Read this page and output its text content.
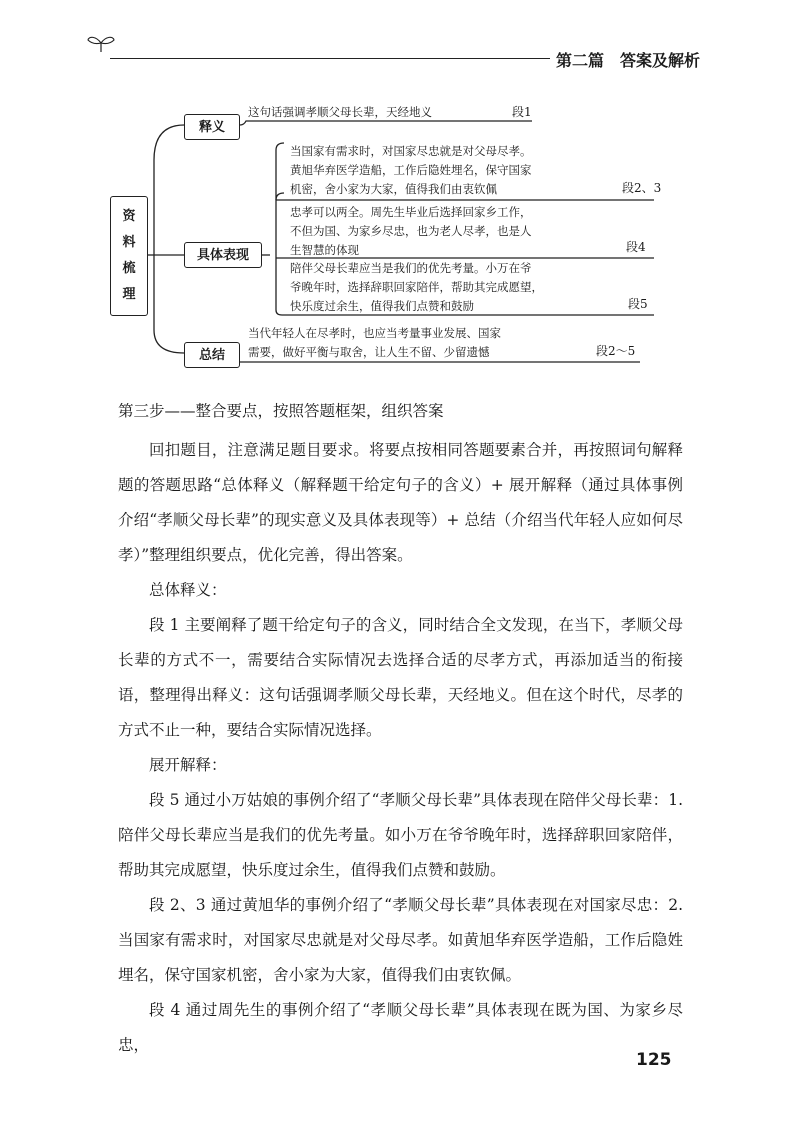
第二篇　答案及解析
资
料
梳
理
释义
这句话强调孝顺父母长辈，天经地义	段1
具体表现
当国家有需求时，对国家尽忠就是对父母尽孝。
黄旭华弃医学造船，工作后隐姓埋名，保守国家
机密，舍小家为大家，值得我们由衷钦佩	段2、3
忠孝可以两全。周先生毕业后选择回家乡工作，
不但为国、为家乡尽忠，也为老人尽孝，也是人
生智慧的体现	段4
陪伴父母长辈应当是我们的优先考量。小万在爷
爷晚年时，选择辞职回家陪伴，帮助其完成愿望，
快乐度过余生，值得我们点赞和鼓励	段5
总结
当代年轻人在尽孝时，也应当考量事业发展、国家
需要，做好平衡与取舍，让人生不留、少留遗憾	段2～5

第三步——整合要点，按照答题框架，组织答案

回扣题目，注意满足题目要求。将要点按相同答题要素合并，再按照词句解释题的答题思路“总体释义（解释题干给定句子的含义）+ 展开解释（通过具体事例介绍“孝顺父母长辈”的现实意义及具体表现等）+ 总结（介绍当代年轻人应如何尽孝）”整理组织要点，优化完善，得出答案。

总体释义：

段 1 主要阐释了题干给定句子的含义，同时结合全文发现，在当下，孝顺父母长辈的方式不一，需要结合实际情况去选择合适的尽孝方式，再添加适当的衔接语，整理得出释义：这句话强调孝顺父母长辈，天经地义。但在这个时代，尽孝的方式不止一种，要结合实际情况选择。

展开解释：

段 5 通过小万姑娘的事例介绍了“孝顺父母长辈”具体表现在陪伴父母长辈：1. 陪伴父母长辈应当是我们的优先考量。如小万在爷爷晚年时，选择辞职回家陪伴，帮助其完成愿望，快乐度过余生，值得我们点赞和鼓励。

段 2、3 通过黄旭华的事例介绍了“孝顺父母长辈”具体表现在对国家尽忠：2. 当国家有需求时，对国家尽忠就是对父母尽孝。如黄旭华弃医学造船，工作后隐姓埋名，保守国家机密，舍小家为大家，值得我们由衷钦佩。

段 4 通过周先生的事例介绍了“孝顺父母长辈”具体表现在既为国、为家乡尽忠，

125
